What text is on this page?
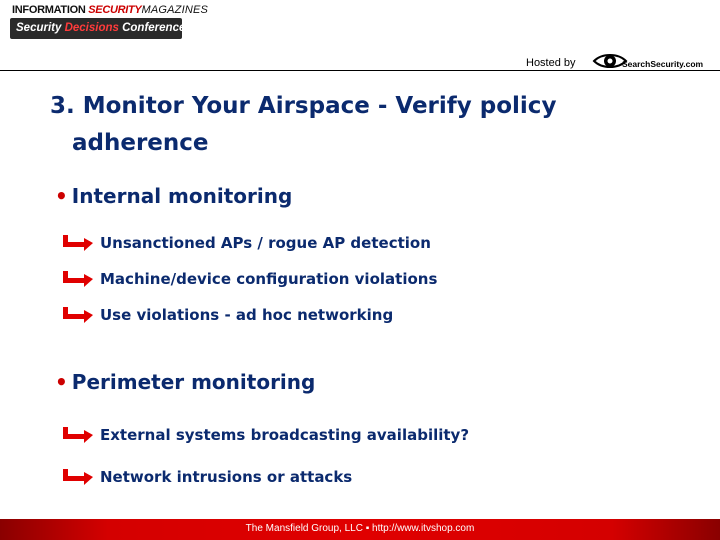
INFORMATION SECURITYMAGAZINES
Security Decisions Conference
Hosted by	SearchSecurity.com
3. Monitor Your Airspace - Verify policy
adherence
• Internal monitoring
Unsanctioned APs / rogue AP detection
Machine/device configuration violations
Use violations - ad hoc networking
• Perimeter monitoring
External systems broadcasting availability?
Network intrusions or attacks
The Mansfield Group, LLC ▪ http://www.itvshop.com
